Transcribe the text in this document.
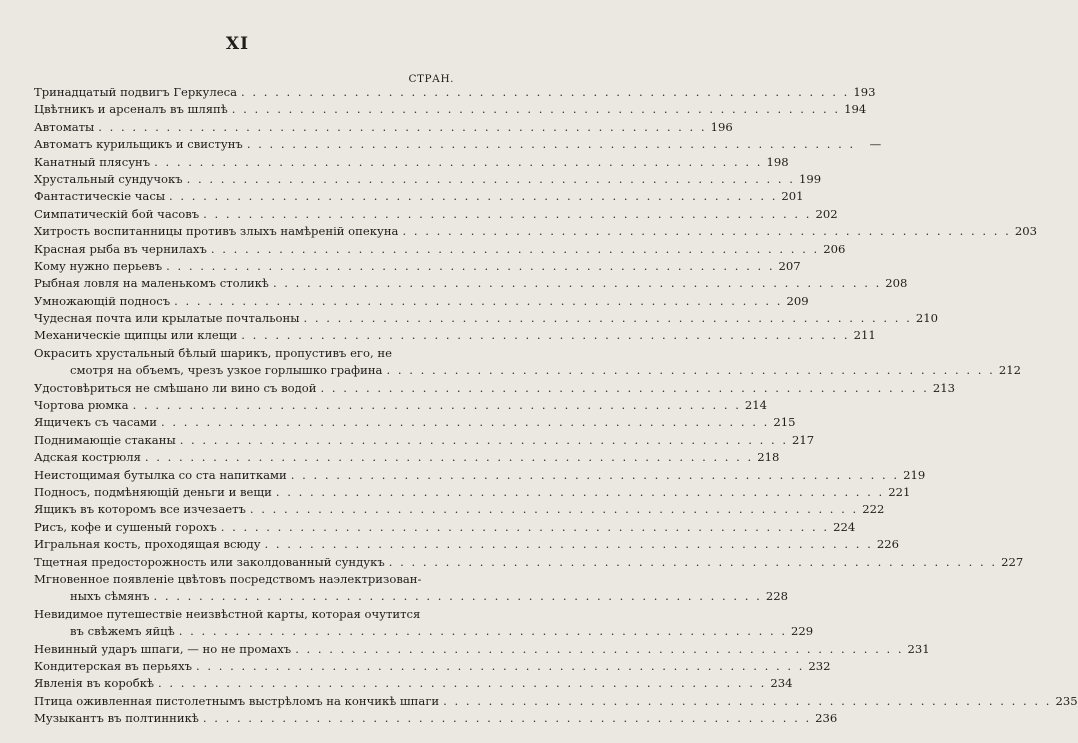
XI
СТРАН.
Тринадцатый подвигъ Геркулеса . . . . . . . . . . . . . . . . . . . . . . . . . . . . . . . . . . . . . . . . . . . . . . . . . . . . . . 193
Цвѣтникъ и арсеналъ въ шляпѣ . . . . . . . . . . . . . . . . . . . . . . . . . . . . . . . . . . . . . . . . . . . . . . . . . . . . . . 194
Автоматы . . . . . . . . . . . . . . . . . . . . . . . . . . . . . . . . . . . . . . . . . . . . . . . . . . . . . . 196
Автоматъ курильщикъ и свистунъ . . . . . . . . . . . . . . . . . . . . . . . . . . . . . . . . . . . . . . . . . . . . . . . . . . . . . .	—
Канатный плясунъ . . . . . . . . . . . . . . . . . . . . . . . . . . . . . . . . . . . . . . . . . . . . . . . . . . . . . . 198
Хрустальный сундучокъ . . . . . . . . . . . . . . . . . . . . . . . . . . . . . . . . . . . . . . . . . . . . . . . . . . . . . . 199
Фантастическіе часы . . . . . . . . . . . . . . . . . . . . . . . . . . . . . . . . . . . . . . . . . . . . . . . . . . . . . . 201
Симпатическій бой часовъ . . . . . . . . . . . . . . . . . . . . . . . . . . . . . . . . . . . . . . . . . . . . . . . . . . . . . . 202
Хитрость воспитанницы противъ злыхъ намѣреній опекуна . . . . . . . . . . . . . . . . . . . . . . . . . . . . . . . . . . . . . . . . . . . . . . . . . . . . . . 203
Красная рыба въ чернилахъ . . . . . . . . . . . . . . . . . . . . . . . . . . . . . . . . . . . . . . . . . . . . . . . . . . . . . . 206
Кому нужно перьевъ . . . . . . . . . . . . . . . . . . . . . . . . . . . . . . . . . . . . . . . . . . . . . . . . . . . . . . 207
Рыбная ловля на маленькомъ столикѣ . . . . . . . . . . . . . . . . . . . . . . . . . . . . . . . . . . . . . . . . . . . . . . . . . . . . . . 208
Умножающій подносъ . . . . . . . . . . . . . . . . . . . . . . . . . . . . . . . . . . . . . . . . . . . . . . . . . . . . . . 209
Чудесная почта или крылатые почтальоны . . . . . . . . . . . . . . . . . . . . . . . . . . . . . . . . . . . . . . . . . . . . . . . . . . . . . . 210
Механическіе щипцы или клещи . . . . . . . . . . . . . . . . . . . . . . . . . . . . . . . . . . . . . . . . . . . . . . . . . . . . . . 211
Окрасить хрустальный бѣлый шарикъ, пропустивъ его, не
смотря на объемъ, чрезъ узкое горлышко графина . . . . . . . . . . . . . . . . . . . . . . . . . . . . . . . . . . . . . . . . . . . . . . . . . . . . . . 212
Удостовѣриться не смѣшано ли вино съ водой . . . . . . . . . . . . . . . . . . . . . . . . . . . . . . . . . . . . . . . . . . . . . . . . . . . . . . 213
Чортова рюмка . . . . . . . . . . . . . . . . . . . . . . . . . . . . . . . . . . . . . . . . . . . . . . . . . . . . . . 214
Ящичекъ съ часами . . . . . . . . . . . . . . . . . . . . . . . . . . . . . . . . . . . . . . . . . . . . . . . . . . . . . . 215
Поднимающіе стаканы . . . . . . . . . . . . . . . . . . . . . . . . . . . . . . . . . . . . . . . . . . . . . . . . . . . . . . 217
Адская кострюля . . . . . . . . . . . . . . . . . . . . . . . . . . . . . . . . . . . . . . . . . . . . . . . . . . . . . . 218
Неистощимая бутылка со ста напитками . . . . . . . . . . . . . . . . . . . . . . . . . . . . . . . . . . . . . . . . . . . . . . . . . . . . . . 219
Подносъ, подмѣняющій деньги и вещи . . . . . . . . . . . . . . . . . . . . . . . . . . . . . . . . . . . . . . . . . . . . . . . . . . . . . . 221
Ящикъ въ которомъ все изчезаетъ . . . . . . . . . . . . . . . . . . . . . . . . . . . . . . . . . . . . . . . . . . . . . . . . . . . . . . 222
Рисъ, кофе и сушеный горохъ . . . . . . . . . . . . . . . . . . . . . . . . . . . . . . . . . . . . . . . . . . . . . . . . . . . . . . 224
Игральная кость, проходящая всюду . . . . . . . . . . . . . . . . . . . . . . . . . . . . . . . . . . . . . . . . . . . . . . . . . . . . . . 226
Тщетная предосторожность или заколдованный сундукъ . . . . . . . . . . . . . . . . . . . . . . . . . . . . . . . . . . . . . . . . . . . . . . . . . . . . . . 227
Мгновенное появленіе цвѣтовъ посредствомъ наэлектризован-
ныхъ сѣмянъ . . . . . . . . . . . . . . . . . . . . . . . . . . . . . . . . . . . . . . . . . . . . . . . . . . . . . . 228
Невидимое путешествіе неизвѣстной карты, которая очутится
въ свѣжемъ яйцѣ . . . . . . . . . . . . . . . . . . . . . . . . . . . . . . . . . . . . . . . . . . . . . . . . . . . . . . 229
Невинный ударъ шпаги, — но не промахъ . . . . . . . . . . . . . . . . . . . . . . . . . . . . . . . . . . . . . . . . . . . . . . . . . . . . . . 231
Кондитерская въ перьяхъ . . . . . . . . . . . . . . . . . . . . . . . . . . . . . . . . . . . . . . . . . . . . . . . . . . . . . . 232
Явленія въ коробкѣ . . . . . . . . . . . . . . . . . . . . . . . . . . . . . . . . . . . . . . . . . . . . . . . . . . . . . . 234
Птица оживленная пистолетнымъ выстрѣломъ на кончикѣ шпаги . . . . . . . . . . . . . . . . . . . . . . . . . . . . . . . . . . . . . . . . . . . . . . . . . . . . . . 235
Музыкантъ въ полтинникѣ . . . . . . . . . . . . . . . . . . . . . . . . . . . . . . . . . . . . . . . . . . . . . . . . . . . . . . 236
